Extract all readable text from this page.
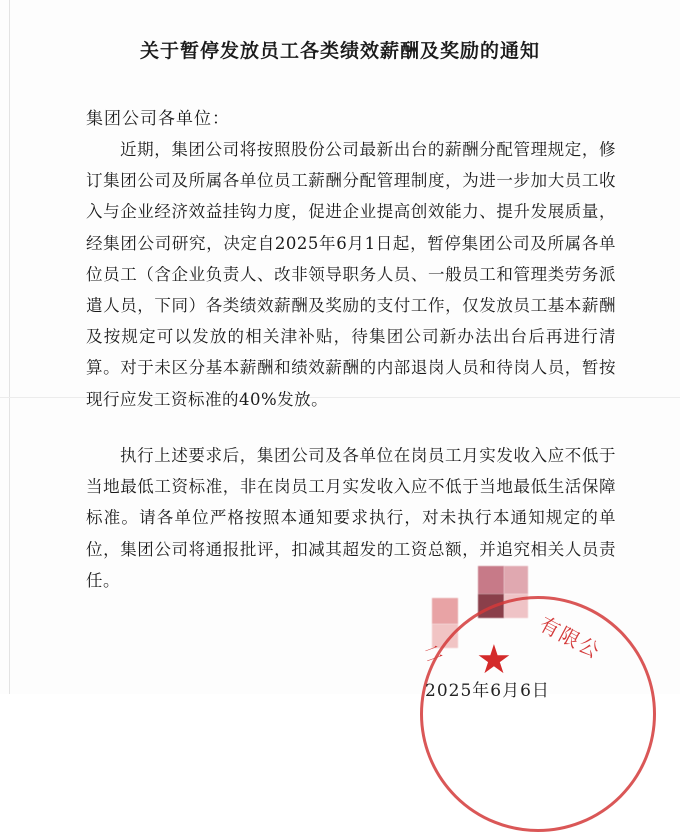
关于暂停发放员工各类绩效薪酬及奖励的通知
集团公司各单位：
近期，集团公司将按照股份公司最新出台的薪酬分配管理规定，修订集团公司及所属各单位员工薪酬分配管理制度，为进一步加大员工收入与企业经济效益挂钩力度，促进企业提高创效能力、提升发展质量，经集团公司研究，决定自2025年6月1日起，暂停集团公司及所属各单位员工（含企业负责人、改非领导职务人员、一般员工和管理类劳务派遣人员，下同）各类绩效薪酬及奖励的支付工作，仅发放员工基本薪酬及按规定可以发放的相关津补贴，待集团公司新办法出台后再进行清算。对于未区分基本薪酬和绩效薪酬的内部退岗人员和待岗人员，暂按现行应发工资标准的40%发放。
执行上述要求后，集团公司及各单位在岗员工月实发收入应不低于当地最低工资标准，非在岗员工月实发收入应不低于当地最低生活保障标准。请各单位严格按照本通知要求执行，对未执行本通知规定的单位，集团公司将通报批评，扣减其超发的工资总额，并追究相关人员责任。
★ 有限公
二
2025年6月6日
